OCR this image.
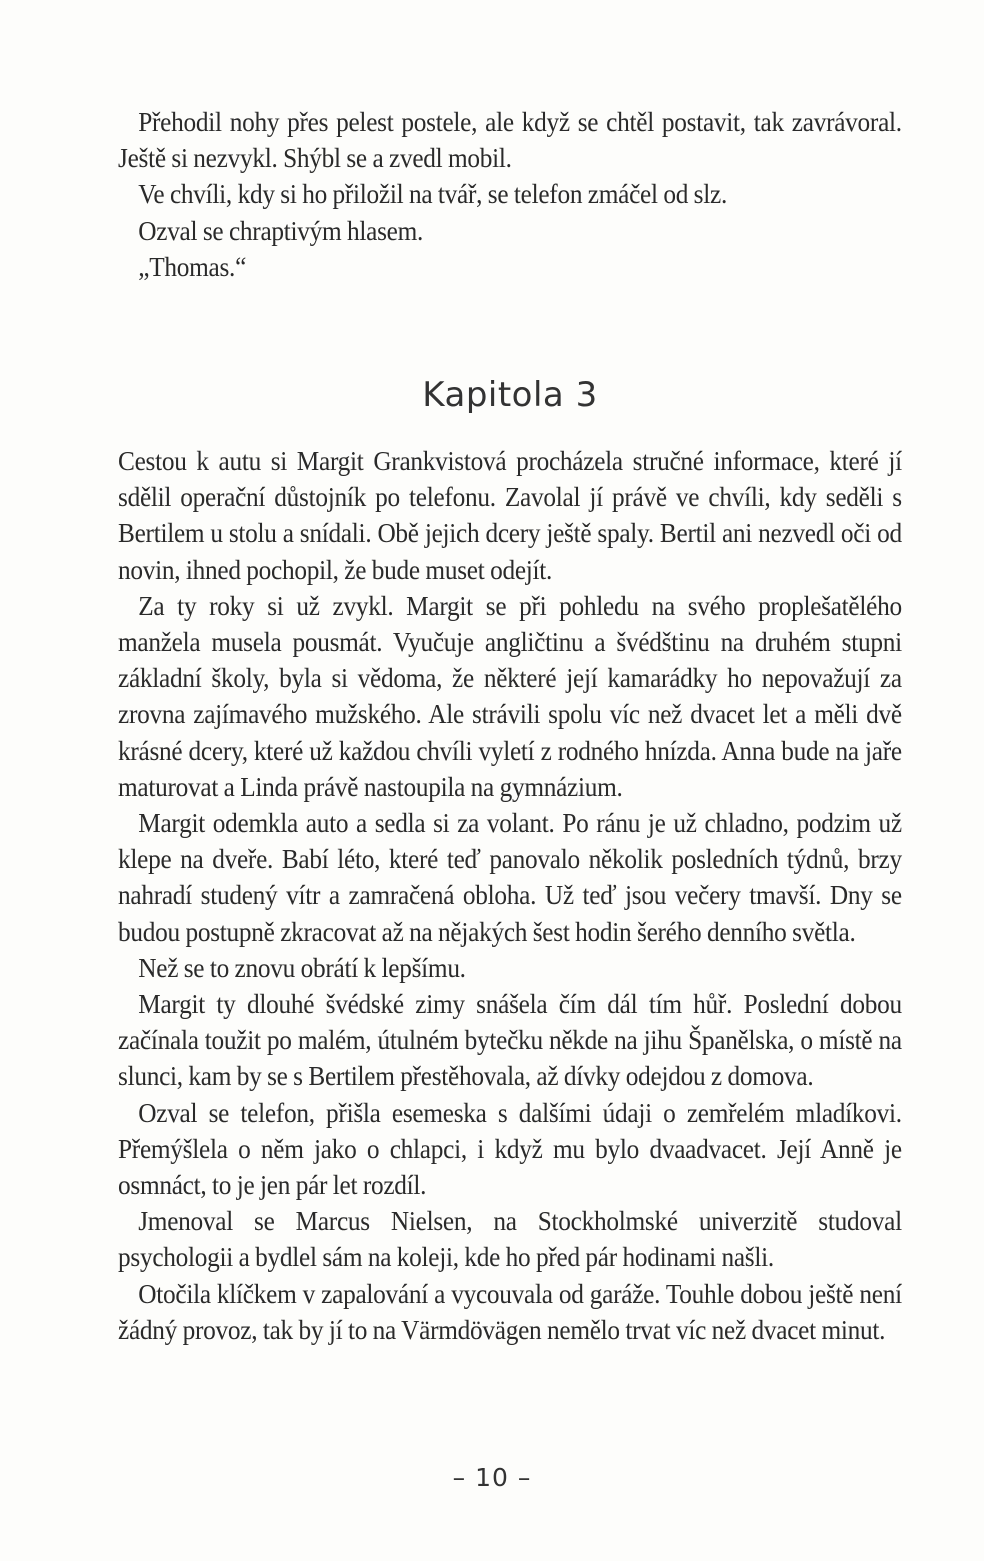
Přehodil nohy přes pelest postele, ale když se chtěl postavit, tak zavrávoral. Ještě si nezvykl. Shýbl se a zvedl mobil.

Ve chvíli, kdy si ho přiložil na tvář, se telefon zmáčel od slz.

Ozval se chraptivým hlasem.

„Thomas.“

Kapitola 3

Cestou k autu si Margit Grankvistová procházela stručné informace, které jí sdělil operační důstojník po telefonu. Zavolal jí právě ve chvíli, kdy seděli s Bertilem u stolu a snídali. Obě jejich dcery ještě spaly. Bertil ani nezvedl oči od novin, ihned pochopil, že bude muset odejít.

Za ty roky si už zvykl. Margit se při pohledu na svého proplešatělého manžela musela pousmát. Vyučuje angličtinu a švédštinu na druhém stupni základní školy, byla si vědoma, že některé její kamarádky ho nepovažují za zrovna zajímavého mužského. Ale strávili spolu víc než dvacet let a měli dvě krásné dcery, které už každou chvíli vyletí z rodného hnízda. Anna bude na jaře maturovat a Linda právě nastoupila na gymnázium.

Margit odemkla auto a sedla si za volant. Po ránu je už chladno, podzim už klepe na dveře. Babí léto, které teď panovalo několik posledních týdnů, brzy nahradí studený vítr a zamračená obloha. Už teď jsou večery tmavší. Dny se budou postupně zkracovat až na nějakých šest hodin šerého denního světla.

Než se to znovu obrátí k lepšímu.

Margit ty dlouhé švédské zimy snášela čím dál tím hůř. Poslední dobou začínala toužit po malém, útulném bytečku někde na jihu Španělska, o místě na slunci, kam by se s Bertilem přestěhovala, až dívky odejdou z domova.

Ozval se telefon, přišla esemeska s dalšími údaji o zemřelém mladíkovi. Přemýšlela o něm jako o chlapci, i když mu bylo dvaadvacet. Její Anně je osmnáct, to je jen pár let rozdíl.

Jmenoval se Marcus Nielsen, na Stockholmské univerzitě studoval psychologii a bydlel sám na koleji, kde ho před pár hodinami našli.

Otočila klíčkem v zapalování a vycouvala od garáže. Touhle dobou ještě není žádný provoz, tak by jí to na Värmdövägen nemělo trvat víc než dvacet minut.

– 10 –
